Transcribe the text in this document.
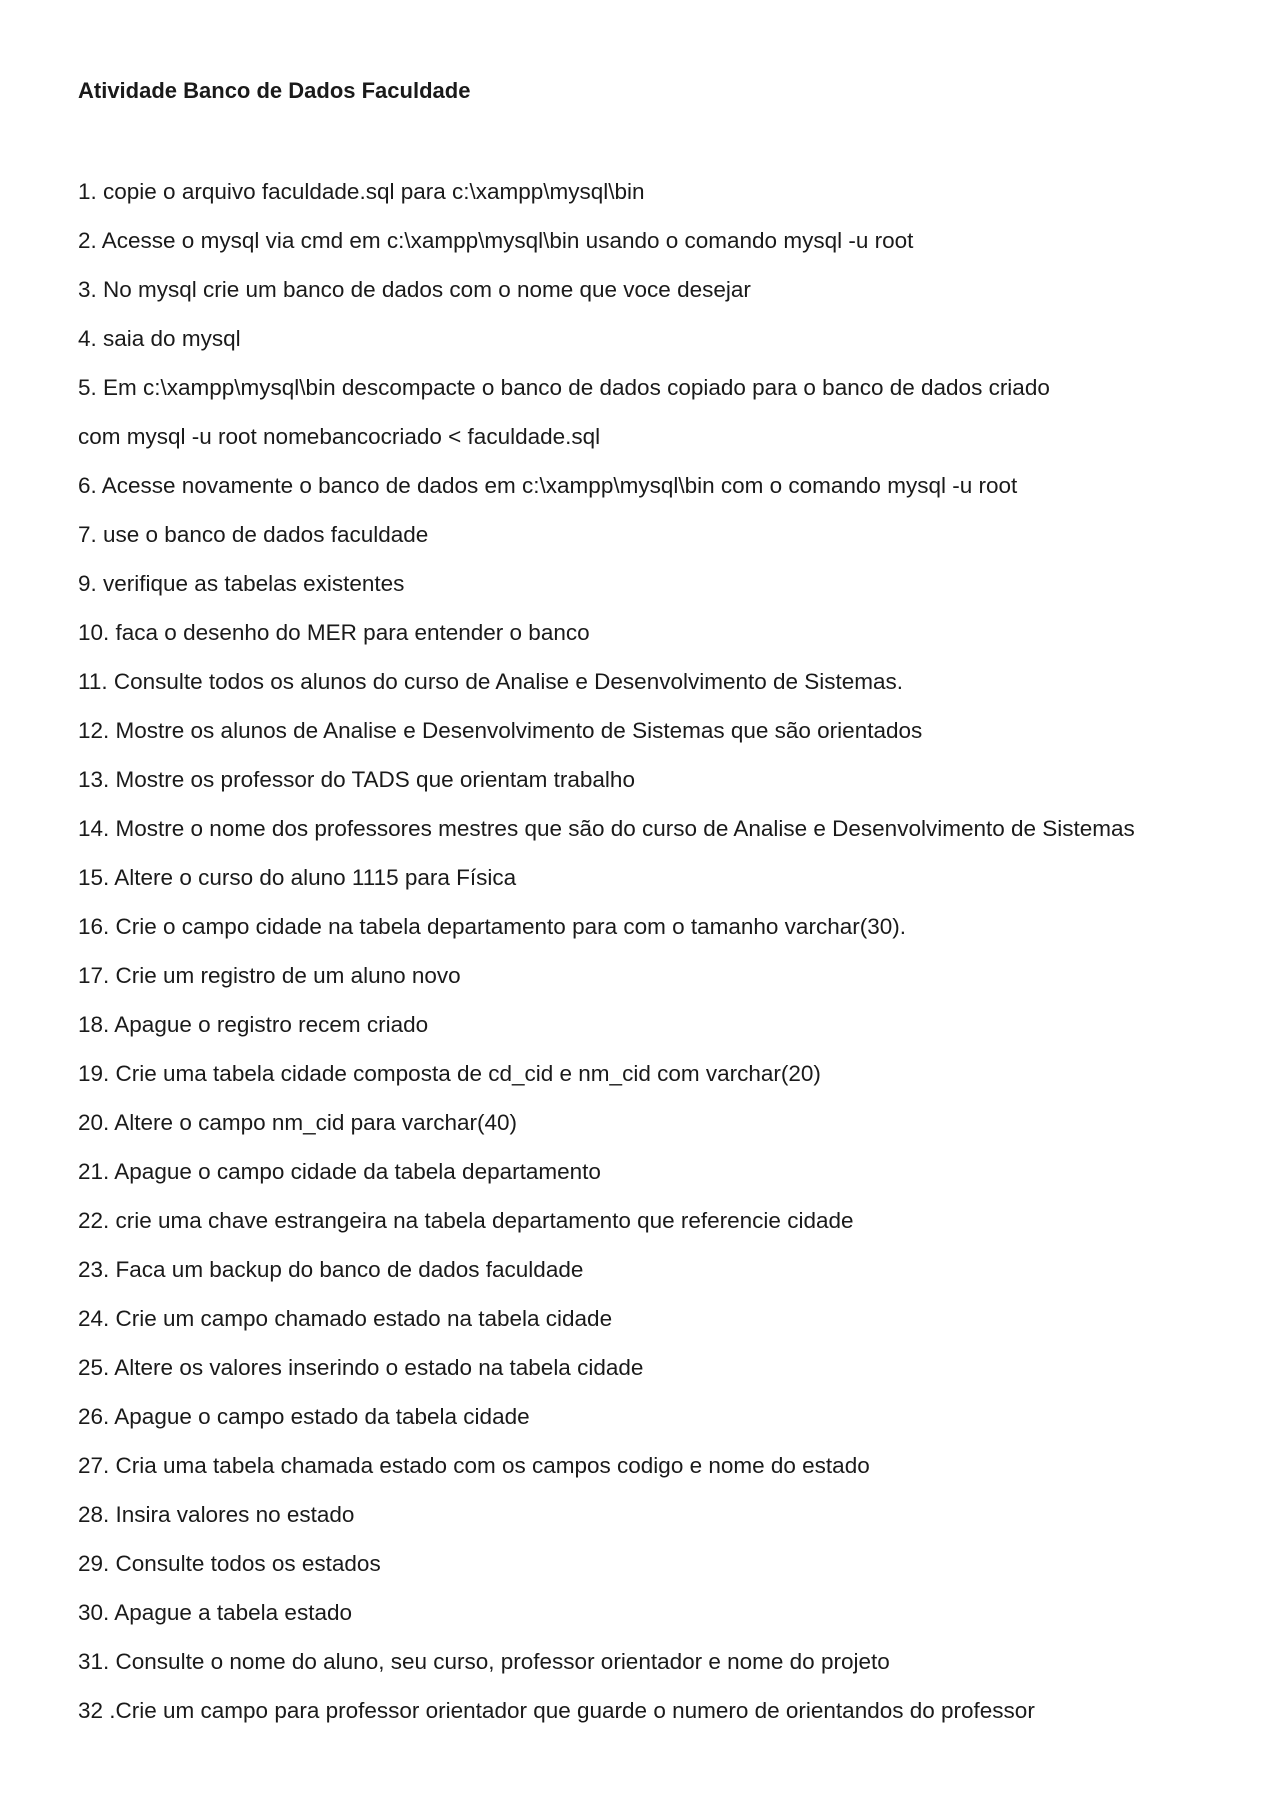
Atividade Banco de Dados Faculdade
1. copie o arquivo faculdade.sql para c:\xampp\mysql\bin
2. Acesse o mysql via cmd em c:\xampp\mysql\bin usando o comando mysql -u root
3. No mysql crie um banco de dados com o nome que voce desejar
4. saia do mysql
5. Em c:\xampp\mysql\bin descompacte o banco de dados copiado para o banco de dados criado
com mysql -u root nomebancocriado < faculdade.sql
6. Acesse novamente o banco de dados em c:\xampp\mysql\bin com o comando mysql -u root
7. use o banco de dados faculdade
9. verifique as tabelas existentes
10. faca o desenho do MER para entender o banco
11. Consulte todos os alunos do curso de Analise e Desenvolvimento de Sistemas.
12. Mostre os alunos de Analise e Desenvolvimento de Sistemas que são orientados
13. Mostre os professor do TADS que orientam trabalho
14. Mostre o nome dos professores mestres que são do curso de Analise e Desenvolvimento de Sistemas
15. Altere o curso do aluno 1115 para Física
16. Crie o campo cidade na tabela departamento para com o tamanho varchar(30).
17. Crie um registro de um aluno novo
18. Apague o registro recem criado
19. Crie uma tabela cidade composta de cd_cid e nm_cid com varchar(20)
20. Altere o campo nm_cid para varchar(40)
21. Apague o campo cidade da tabela departamento
22. crie uma chave estrangeira na tabela departamento que referencie cidade
23. Faca um backup do banco de dados faculdade
24. Crie um campo chamado estado na tabela cidade
25. Altere os valores inserindo o estado na tabela cidade
26. Apague o campo estado da tabela cidade
27. Cria uma tabela chamada estado com os campos codigo e nome do estado
28. Insira valores no estado
29. Consulte todos os estados
30. Apague a tabela estado
31. Consulte o nome do aluno, seu curso, professor orientador e nome do projeto
32 .Crie um campo para professor orientador que guarde o numero de orientandos do professor
